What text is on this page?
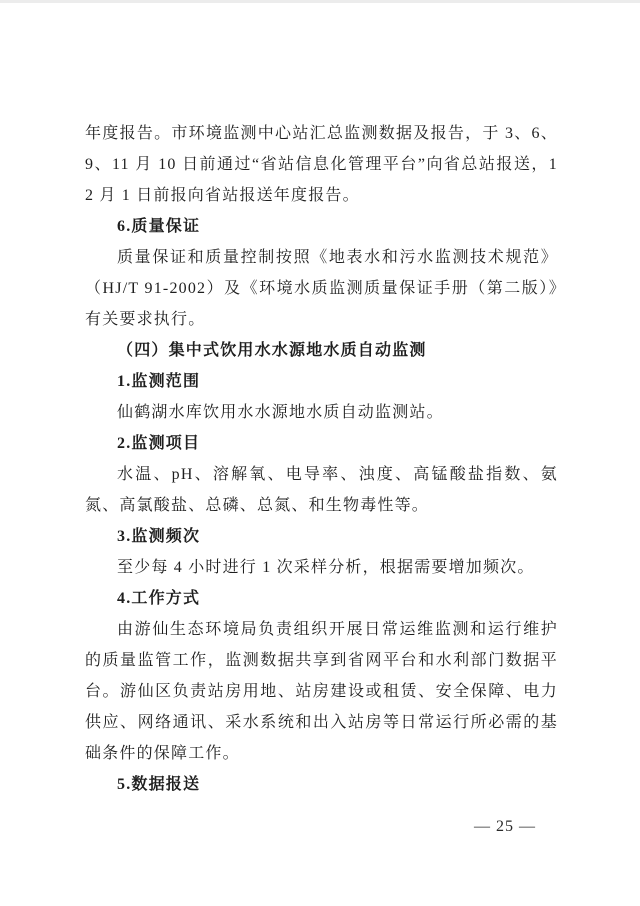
年度报告。市环境监测中心站汇总监测数据及报告，于 3、6、9、11 月 10 日前通过“省站信息化管理平台”向省总站报送，12 月 1 日前报向省站报送年度报告。

6.质量保证

质量保证和质量控制按照《地表水和污水监测技术规范》（HJ/T 91-2002）及《环境水质监测质量保证手册（第二版）》有关要求执行。

（四）集中式饮用水水源地水质自动监测

1.监测范围

仙鹤湖水库饮用水水源地水质自动监测站。

2.监测项目

水温、pH、溶解氧、电导率、浊度、高锰酸盐指数、氨氮、高氯酸盐、总磷、总氮、和生物毒性等。

3.监测频次

至少每 4 小时进行 1 次采样分析，根据需要增加频次。

4.工作方式

由游仙生态环境局负责组织开展日常运维监测和运行维护的质量监管工作，监测数据共享到省网平台和水利部门数据平台。游仙区负责站房用地、站房建设或租赁、安全保障、电力供应、网络通讯、采水系统和出入站房等日常运行所必需的基础条件的保障工作。

5.数据报送

— 25 —
